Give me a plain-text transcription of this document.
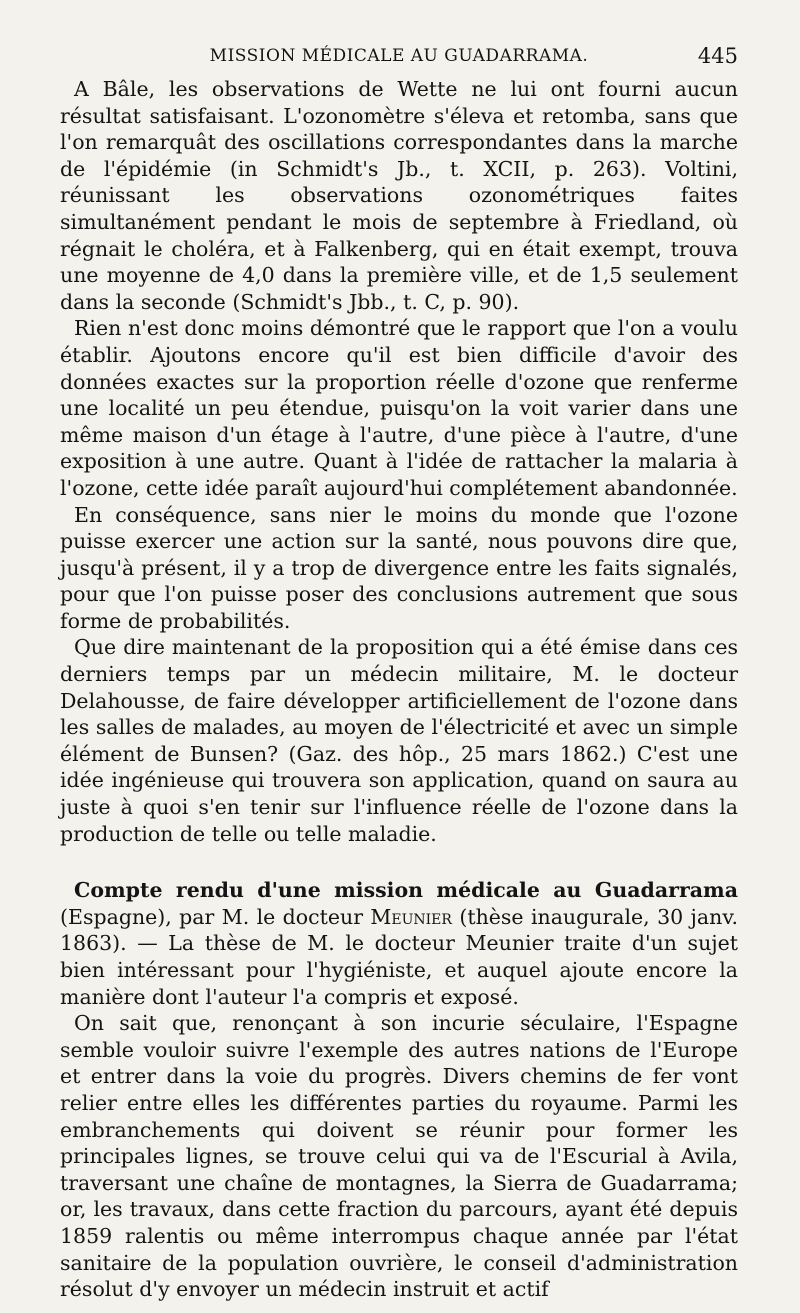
MISSION MÉDICALE AU GUADARRAMA.	445

A Bâle, les observations de Wette ne lui ont fourni aucun résultat satisfaisant. L'ozonomètre s'éleva et retomba, sans que l'on remarquât des oscillations correspondantes dans la marche de l'épidémie (in Schmidt's Jb., t. XCII, p. 263). Voltini, réunissant les observations ozonométriques faites simultanément pendant le mois de septembre à Friedland, où régnait le choléra, et à Falkenberg, qui en était exempt, trouva une moyenne de 4,0 dans la première ville, et de 1,5 seulement dans la seconde (Schmidt's Jbb., t. C, p. 90).

Rien n'est donc moins démontré que le rapport que l'on a voulu établir. Ajoutons encore qu'il est bien difficile d'avoir des données exactes sur la proportion réelle d'ozone que renferme une localité un peu étendue, puisqu'on la voit varier dans une même maison d'un étage à l'autre, d'une pièce à l'autre, d'une exposition à une autre. Quant à l'idée de rattacher la malaria à l'ozone, cette idée paraît aujourd'hui complétement abandonnée.

En conséquence, sans nier le moins du monde que l'ozone puisse exercer une action sur la santé, nous pouvons dire que, jusqu'à présent, il y a trop de divergence entre les faits signalés, pour que l'on puisse poser des conclusions autrement que sous forme de probabilités.

Que dire maintenant de la proposition qui a été émise dans ces derniers temps par un médecin militaire, M. le docteur Delahousse, de faire développer artificiellement de l'ozone dans les salles de malades, au moyen de l'électricité et avec un simple élément de Bunsen? (Gaz. des hôp., 25 mars 1862.) C'est une idée ingénieuse qui trouvera son application, quand on saura au juste à quoi s'en tenir sur l'influence réelle de l'ozone dans la production de telle ou telle maladie.

Compte rendu d'une mission médicale au Guadarrama (Espagne), par M. le docteur Meunier (thèse inaugurale, 30 janv. 1863). — La thèse de M. le docteur Meunier traite d'un sujet bien intéressant pour l'hygiéniste, et auquel ajoute encore la manière dont l'auteur l'a compris et exposé.

On sait que, renonçant à son incurie séculaire, l'Espagne semble vouloir suivre l'exemple des autres nations de l'Europe et entrer dans la voie du progrès. Divers chemins de fer vont relier entre elles les différentes parties du royaume. Parmi les embranchements qui doivent se réunir pour former les principales lignes, se trouve celui qui va de l'Escurial à Avila, traversant une chaîne de montagnes, la Sierra de Guadarrama; or, les travaux, dans cette fraction du parcours, ayant été depuis 1859 ralentis ou même interrompus chaque année par l'état sanitaire de la population ouvrière, le conseil d'administration résolut d'y envoyer un médecin instruit et actif
